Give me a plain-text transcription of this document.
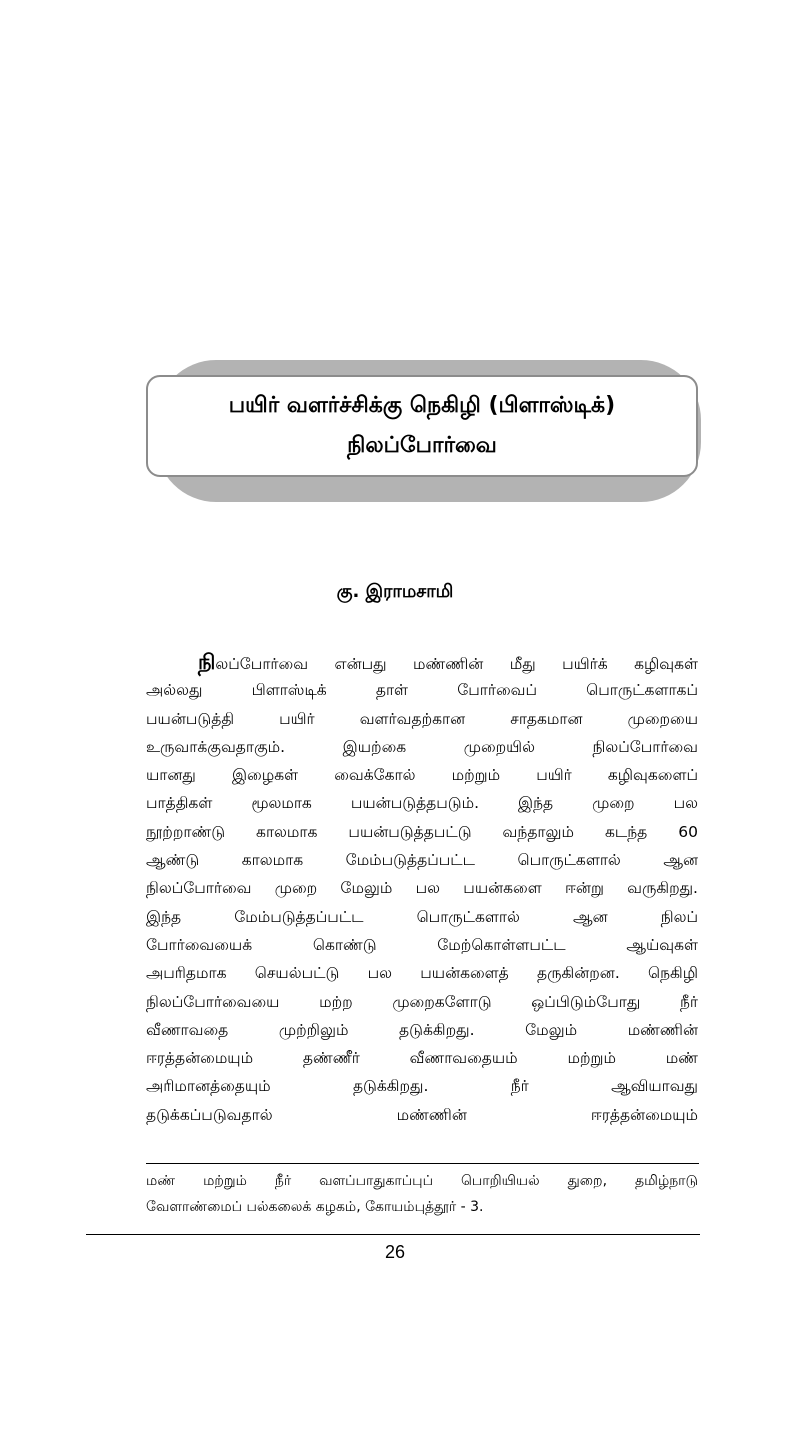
பயிர் வளர்ச்சிக்கு நெகிழி (பிளாஸ்டிக்)
நிலப்போர்வை
கு. இராமசாமி
நிலப்போர்வை என்பது மண்ணின் மீது பயிர்க் கழிவுகள்
அல்லது பிளாஸ்டிக் தாள் போர்வைப் பொருட்களாகப்
பயன்படுத்தி பயிர் வளர்வதற்கான சாதகமான முறையை
உருவாக்குவதாகும். இயற்கை முறையில் நிலப்போர்வை
யானது இழைகள் வைக்கோல் மற்றும் பயிர் கழிவுகளைப்
பாத்திகள் மூலமாக பயன்படுத்தபடும். இந்த முறை பல
நூற்றாண்டு காலமாக பயன்படுத்தபட்டு வந்தாலும் கடந்த 60
ஆண்டு காலமாக மேம்படுத்தப்பட்ட பொருட்களால் ஆன
நிலப்போர்வை முறை மேலும் பல பயன்களை ஈன்று வருகிறது.
இந்த மேம்படுத்தப்பட்ட பொருட்களால் ஆன நிலப்
போர்வையைக் கொண்டு மேற்கொள்ளபட்ட ஆய்வுகள்
அபரிதமாக செயல்பட்டு பல பயன்களைத் தருகின்றன. நெகிழி
நிலப்போர்வையை மற்ற முறைகளோடு ஒப்பிடும்போது நீர்
வீணாவதை முற்றிலும் தடுக்கிறது. மேலும் மண்ணின்
ஈரத்தன்மையும் தண்ணீர் வீணாவதையம் மற்றும் மண்
அரிமானத்தையும் தடுக்கிறது. நீர் ஆவியாவது
தடுக்கப்படுவதால் மண்ணின் ஈரத்தன்மையும்
மண் மற்றும் நீர் வளப்பாதுகாப்புப் பொறியியல் துறை, தமிழ்நாடு
வேளாண்மைப் பல்கலைக் கழகம், கோயம்புத்தூர் - 3.
26
